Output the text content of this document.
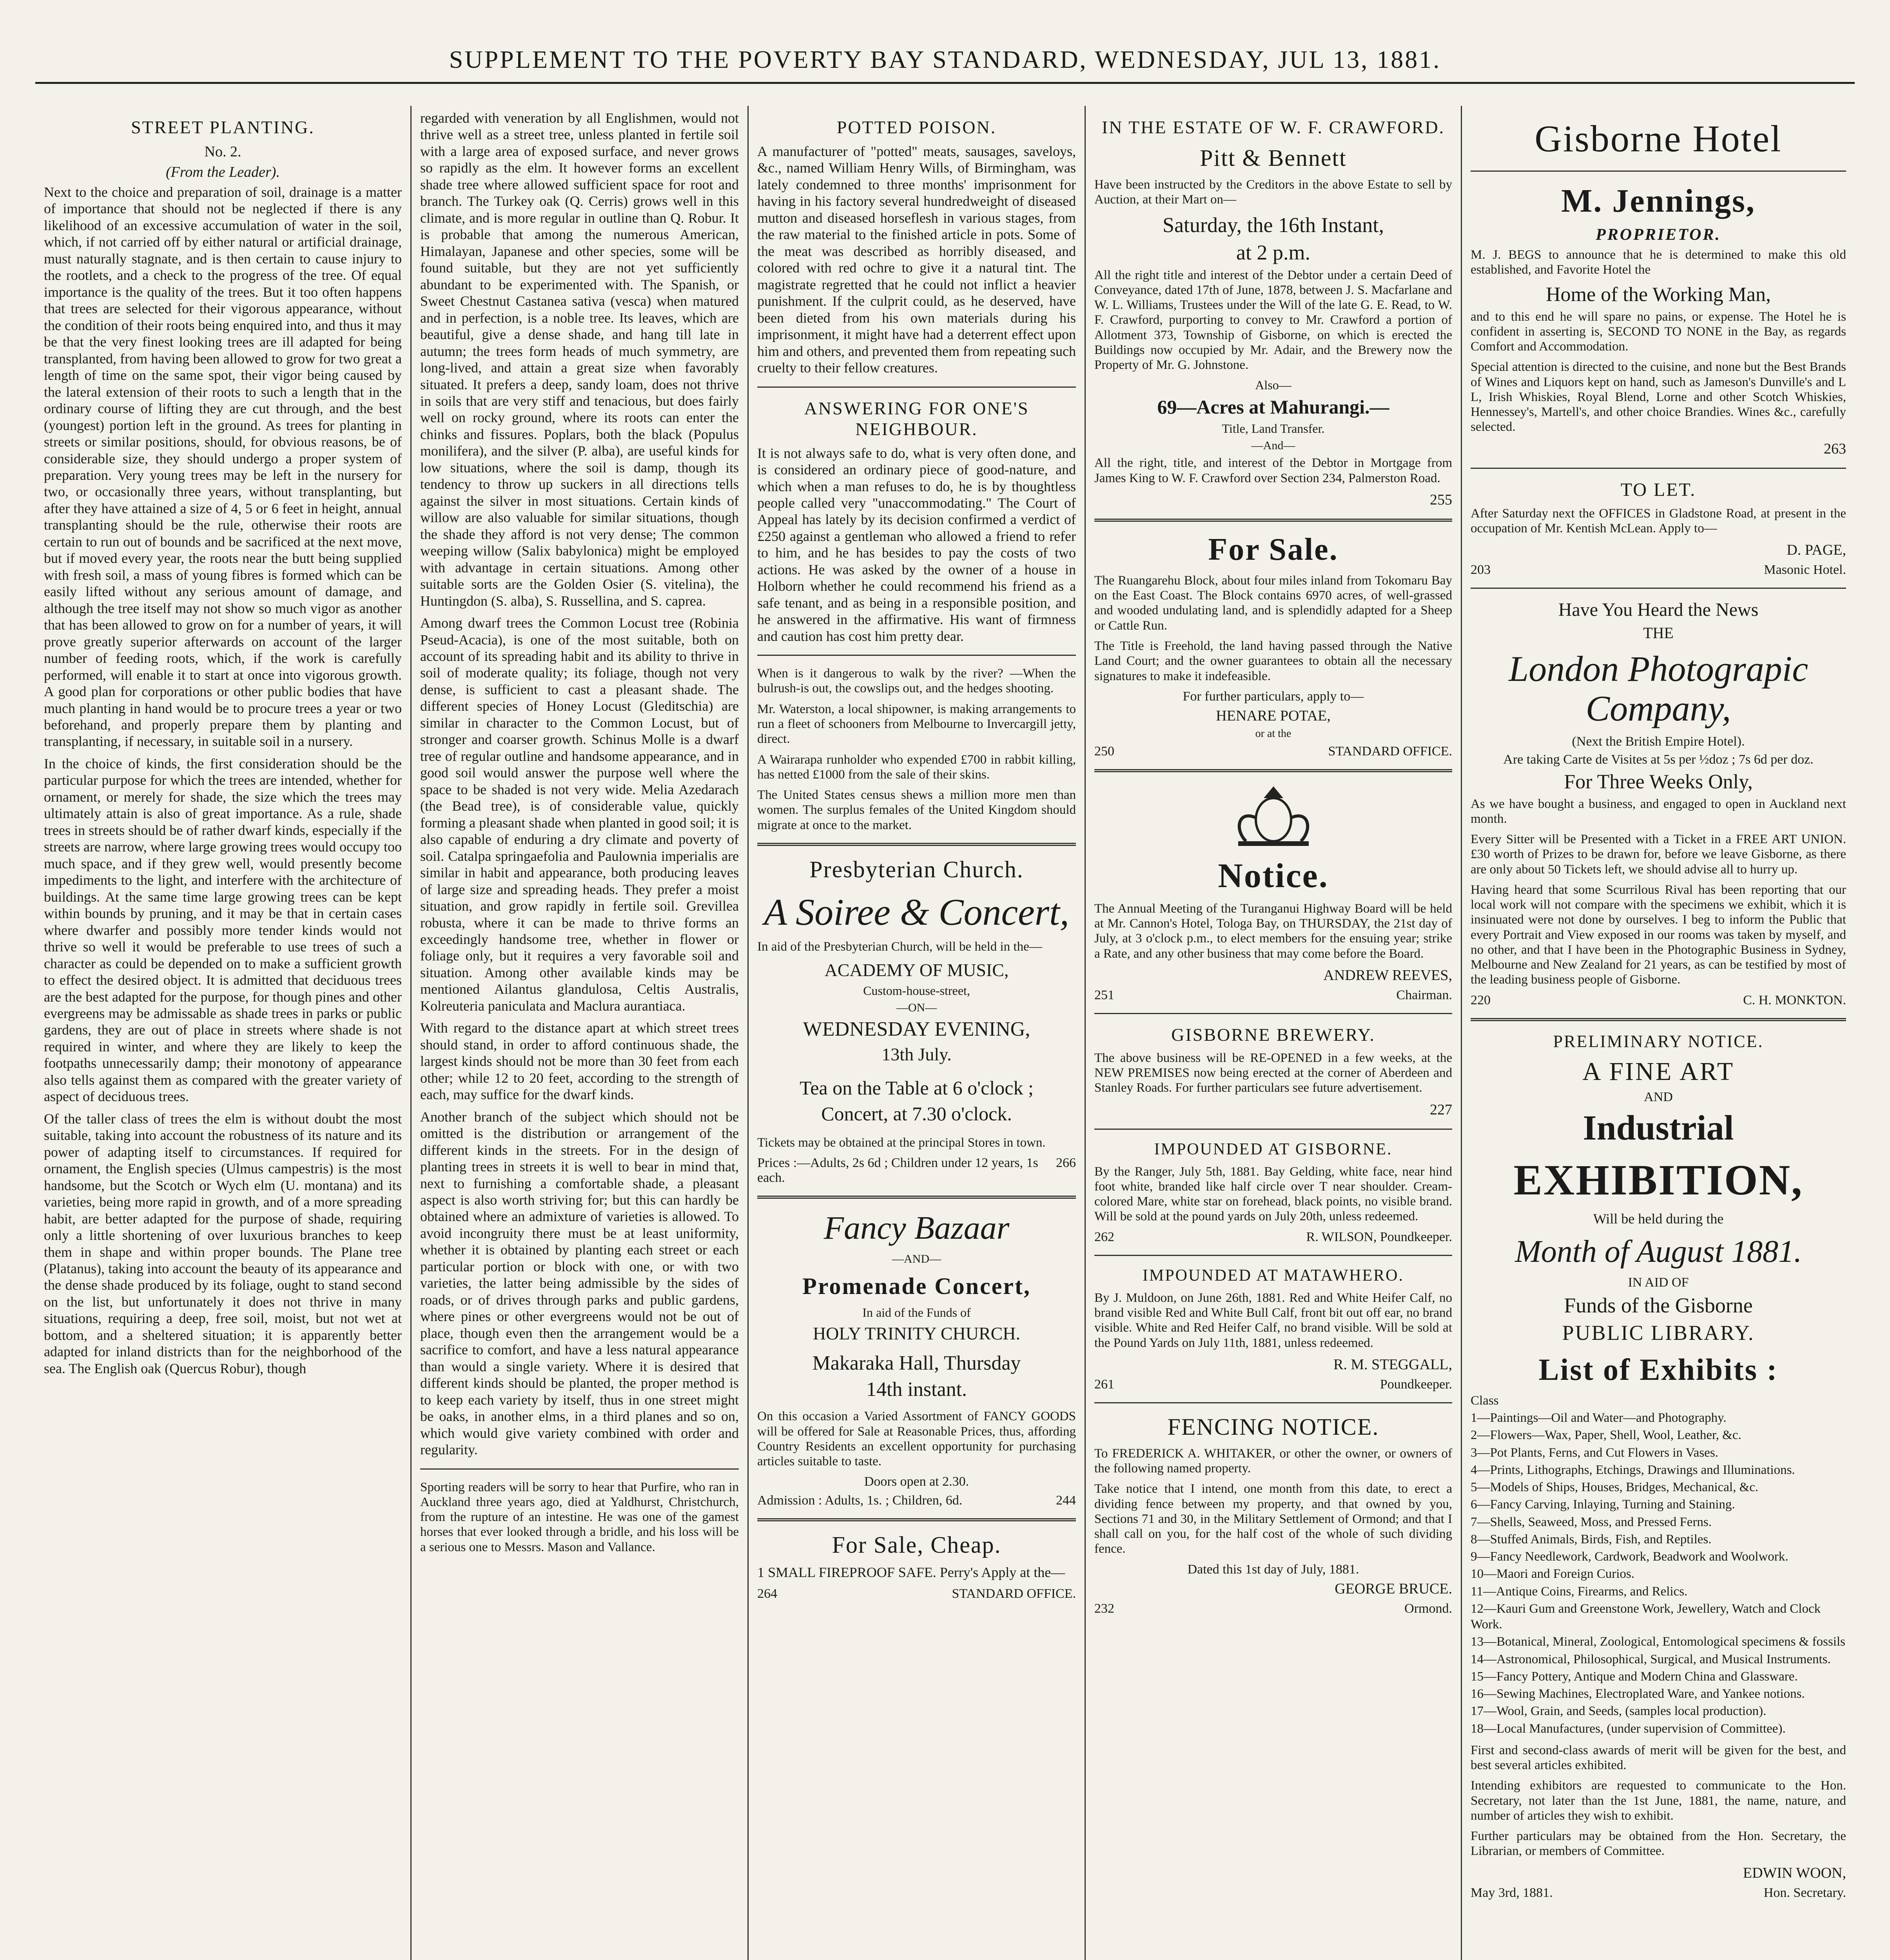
SUPPLEMENT TO THE POVERTY BAY STANDARD, WEDNESDAY, JUL 13, 1881.
STREET PLANTING.
No. 2.
(From the Leader).

Next to the choice and preparation of soil, drainage is a matter of importance that should not be neglected if there is any likelihood of an excessive accumulation of water in the soil, which, if not carried off by either natural or artificial drainage, must naturally stagnate, and is then certain to cause injury to the rootlets, and a check to the progress of the tree. Of equal importance is the quality of the trees. But it too often happens that trees are selected for their vigorous appearance, without the condition of their roots being enquired into, and thus it may be that the very finest looking trees are ill adapted for being transplanted, from having been allowed to grow for two great a length of time on the same spot, their vigor being caused by the lateral extension of their roots to such a length that in the ordinary course of lifting they are cut through, and the best (youngest) portion left in the ground. As trees for planting in streets or similar positions, should, for obvious reasons, be of considerable size, they should undergo a proper system of preparation. Very young trees may be left in the nursery for two, or occasionally three years, without transplanting, but after they have attained a size of 4, 5 or 6 feet in height, annual transplanting should be the rule, otherwise their roots are certain to run out of bounds and be sacrificed at the next move, but if moved every year, the roots near the butt being supplied with fresh soil, a mass of young fibres is formed which can be easily lifted without any serious amount of damage, and although the tree itself may not show so much vigor as another that has been allowed to grow on for a number of years, it will prove greatly superior afterwards on account of the larger number of feeding roots, which, if the work is carefully performed, will enable it to start at once into vigorous growth. A good plan for corporations or other public bodies that have much planting in hand would be to procure trees a year or two beforehand, and properly prepare them by planting and transplanting, if necessary, in suitable soil in a nursery.

In the choice of kinds, the first consideration should be the particular purpose for which the trees are intended, whether for ornament, or merely for shade, the size which the trees may ultimately attain is also of great importance. As a rule, shade trees in streets should be of rather dwarf kinds, especially if the streets are narrow, where large growing trees would occupy too much space, and if they grew well, would presently become impediments to the light, and interfere with the architecture of buildings. At the same time large growing trees can be kept within bounds by pruning, and it may be that in certain cases where dwarfer and possibly more tender kinds would not thrive so well it would be preferable to use trees of such a character as could be depended on to make a sufficient growth to effect the desired object. It is admitted that deciduous trees are the best adapted for the purpose, for though pines and other evergreens may be admissable as shade trees in parks or public gardens, they are out of place in streets where shade is not required in winter, and where they are likely to keep the footpaths unnecessarily damp; their monotony of appearance also tells against them as compared with the greater variety of aspect of deciduous trees.

Of the taller class of trees the elm is without doubt the most suitable, taking into account the robustness of its nature and its power of adapting itself to circumstances. If required for ornament, the English species (Ulmus campestris) is the most handsome, but the Scotch or Wych elm (U. montana) and its varieties, being more rapid in growth, and of a more spreading habit, are better adapted for the purpose of shade, requiring only a little shortening of over luxurious branches to keep them in shape and within proper bounds. The Plane tree (Platanus), taking into account the beauty of its appearance and the dense shade produced by its foliage, ought to stand second on the list, but unfortunately it does not thrive in many situations, requiring a deep, free soil, moist, but not wet at bottom, and a sheltered situation; it is apparently better adapted for inland districts than for the neighborhood of the sea. The English oak (Quercus Robur), though

regarded with veneration by all Englishmen, would not thrive well as a street tree, unless planted in fertile soil with a large area of exposed surface, and never grows so rapidly as the elm. It however forms an excellent shade tree where allowed sufficient space for root and branch. The Turkey oak (Q. Cerris) grows well in this climate, and is more regular in outline than Q. Robur. It is probable that among the numerous American, Himalayan, Japanese and other species, some will be found suitable, but they are not yet sufficiently abundant to be experimented with. The Spanish, or Sweet Chestnut Castanea sativa (vesca) when matured and in perfection, is a noble tree. Its leaves, which are beautiful, give a dense shade, and hang till late in autumn; the trees form heads of much symmetry, are long-lived, and attain a great size when favorably situated. It prefers a deep, sandy loam, does not thrive in soils that are very stiff and tenacious, but does fairly well on rocky ground, where its roots can enter the chinks and fissures. Poplars, both the black (Populus monilifera), and the silver (P. alba), are useful kinds for low situations, where the soil is damp, though its tendency to throw up suckers in all directions tells against the silver in most situations. Certain kinds of willow are also valuable for similar situations, though the shade they afford is not very dense; The common weeping willow (Salix babylonica) might be employed with advantage in certain situations. Among other suitable sorts are the Golden Osier (S. vitelina), the Huntingdon (S. alba), S. Russellina, and S. caprea.

Among dwarf trees the Common Locust tree (Robinia Pseud-Acacia), is one of the most suitable, both on account of its spreading habit and its ability to thrive in soil of moderate quality; its foliage, though not very dense, is sufficient to cast a pleasant shade. The different species of Honey Locust (Gleditschia) are similar in character to the Common Locust, but of stronger and coarser growth. Schinus Molle is a dwarf tree of regular outline and handsome appearance, and in good soil would answer the purpose well where the space to be shaded is not very wide. Melia Azedarach (the Bead tree), is of considerable value, quickly forming a pleasant shade when planted in good soil; it is also capable of enduring a dry climate and poverty of soil. Catalpa springaefolia and Paulownia imperialis are similar in habit and appearance, both producing leaves of large size and spreading heads. They prefer a moist situation, and grow rapidly in fertile soil. Grevillea robusta, where it can be made to thrive forms an exceedingly handsome tree, whether in flower or foliage only, but it requires a very favorable soil and situation. Among other available kinds may be mentioned Ailantus glandulosa, Celtis Australis, Kolreuteria paniculata and Maclura aurantiaca.

With regard to the distance apart at which street trees should stand, in order to afford continuous shade, the largest kinds should not be more than 30 feet from each other; while 12 to 20 feet, according to the strength of each, may suffice for the dwarf kinds.

Another branch of the subject which should not be omitted is the distribution or arrangement of the different kinds in the streets. For in the design of planting trees in streets it is well to bear in mind that, next to furnishing a comfortable shade, a pleasant aspect is also worth striving for; but this can hardly be obtained where an admixture of varieties is allowed. To avoid incongruity there must be at least uniformity, whether it is obtained by planting each street or each particular portion or block with one, or with two varieties, the latter being admissible by the sides of roads, or of drives through parks and public gardens, where pines or other evergreens would not be out of place, though even then the arrangement would be a sacrifice to comfort, and have a less natural appearance than would a single variety. Where it is desired that different kinds should be planted, the proper method is to keep each variety by itself, thus in one street might be oaks, in another elms, in a third planes and so on, which would give variety combined with order and regularity.

Sporting readers will be sorry to hear that Purfire, who ran in Auckland three years ago, died at Yaldhurst, Christchurch, from the rupture of an intestine. He was one of the gamest horses that ever looked through a bridle, and his loss will be a serious one to Messrs. Mason and Vallance.

POTTED POISON.

A manufacturer of "potted" meats, sausages, saveloys, &c., named William Henry Wills, of Birmingham, was lately condemned to three months' imprisonment for having in his factory several hundredweight of diseased mutton and diseased horseflesh in various stages, from the raw material to the finished article in pots. Some of the meat was described as horribly diseased, and colored with red ochre to give it a natural tint. The magistrate regretted that he could not inflict a heavier punishment. If the culprit could, as he deserved, have been dieted from his own materials during his imprisonment, it might have had a deterrent effect upon him and others, and prevented them from repeating such cruelty to their fellow creatures.

ANSWERING FOR ONE'S NEIGHBOUR.

It is not always safe to do, what is very often done, and is considered an ordinary piece of good-nature, and which when a man refuses to do, he is by thoughtless people called very "unaccommodating." The Court of Appeal has lately by its decision confirmed a verdict of £250 against a gentleman who allowed a friend to refer to him, and he has besides to pay the costs of two actions. He was asked by the owner of a house in Holborn whether he could recommend his friend as a safe tenant, and as being in a responsible position, and he answered in the affirmative. His want of firmness and caution has cost him pretty dear.

When is it dangerous to walk by the river? —When the bulrush-is out, the cowslips out, and the hedges shooting.

Mr. Waterston, a local shipowner, is making arrangements to run a fleet of schooners from Melbourne to Invercargill jetty, direct.

A Wairarapa runholder who expended £700 in rabbit killing, has netted £1000 from the sale of their skins.

The United States census shews a million more men than women. The surplus females of the United Kingdom should migrate at once to the market.

Presbyterian Church.
A Soiree & Concert,

In aid of the Presbyterian Church, will be held in the—

ACADEMY OF MUSIC,
Custom-house-street,
—ON—
WEDNESDAY EVENING,
13th July.
Tea on the Table at 6 o'clock ;
Concert, at 7.30 o'clock.

Tickets may be obtained at the principal Stores in town.

Prices :—Adults, 2s 6d ; Children under 12 years, 1s each.
266
Fancy Bazaar
—AND—
Promenade Concert,
In aid of the Funds of
HOLY TRINITY CHURCH.
Makaraka Hall, Thursday
14th instant.

On this occasion a Varied Assortment of FANCY GOODS will be offered for Sale at Reasonable Prices, thus, affording Country Residents an excellent opportunity for purchasing articles suitable to taste.

Doors open at 2.30.
Admission : Adults, 1s. ; Children, 6d.	244
For Sale, Cheap.

1 SMALL FIREPROOF SAFE. Perry's Apply at the—

264	STANDARD OFFICE.
IN THE ESTATE OF W. F. CRAWFORD.
Pitt & Bennett

Have been instructed by the Creditors in the above Estate to sell by Auction, at their Mart on—

Saturday, the 16th Instant,
at 2 p.m.

All the right title and interest of the Debtor under a certain Deed of Conveyance, dated 17th of June, 1878, between J. S. Macfarlane and W. L. Williams, Trustees under the Will of the late G. E. Read, to W. F. Crawford, purporting to convey to Mr. Crawford a portion of Allotment 373, Township of Gisborne, on which is erected the Buildings now occupied by Mr. Adair, and the Brewery now the Property of Mr. G. Johnstone.

Also—
69—Acres at Mahurangi.—
Title, Land Transfer.
—And—

All the right, title, and interest of the Debtor in Mortgage from James King to W. F. Crawford over Section 234, Palmerston Road.

255
For Sale.

The Ruangarehu Block, about four miles inland from Tokomaru Bay on the East Coast. The Block contains 6970 acres, of well-grassed and wooded undulating land, and is splendidly adapted for a Sheep or Cattle Run.

The Title is Freehold, the land having passed through the Native Land Court; and the owner guarantees to obtain all the necessary signatures to make it indefeasible.

For further particulars, apply to—
HENARE POTAE,
or at the
250	STANDARD OFFICE.
Notice.

The Annual Meeting of the Turanganui Highway Board will be held at Mr. Cannon's Hotel, Tologa Bay, on THURSDAY, the 21st day of July, at 3 o'clock p.m., to elect members for the ensuing year; strike a Rate, and any other business that may come before the Board.

ANDREW REEVES,
251	Chairman.
GISBORNE BREWERY.

The above business will be RE-OPENED in a few weeks, at the NEW PREMISES now being erected at the corner of Aberdeen and Stanley Roads. For further particulars see future advertisement.

227
IMPOUNDED AT GISBORNE.

By the Ranger, July 5th, 1881. Bay Gelding, white face, near hind foot white, branded like half circle over T near shoulder. Cream-colored Mare, white star on forehead, black points, no visible brand. Will be sold at the pound yards on July 20th, unless redeemed.

262	R. WILSON, Poundkeeper.
IMPOUNDED AT MATAWHERO.

By J. Muldoon, on June 26th, 1881. Red and White Heifer Calf, no brand visible Red and White Bull Calf, front bit out off ear, no brand visible. White and Red Heifer Calf, no brand visible. Will be sold at the Pound Yards on July 11th, 1881, unless redeemed.

R. M. STEGGALL,
261	Poundkeeper.
FENCING NOTICE.

To FREDERICK A. WHITAKER, or other the owner, or owners of the following named property.

Take notice that I intend, one month from this date, to erect a dividing fence between my property, and that owned by you, Sections 71 and 30, in the Military Settlement of Ormond; and that I shall call on you, for the half cost of the whole of such dividing fence.

Dated this 1st day of July, 1881.
GEORGE BRUCE.
232	Ormond.
Gisborne Hotel
M. Jennings,
PROPRIETOR.

M. J. BEGS to announce that he is determined to make this old established, and Favorite Hotel the

Home of the Working Man,

and to this end he will spare no pains, or expense. The Hotel he is confident in asserting is, SECOND TO NONE in the Bay, as regards Comfort and Accommodation.

Special attention is directed to the cuisine, and none but the Best Brands of Wines and Liquors kept on hand, such as Jameson's Dunville's and L L, Irish Whiskies, Royal Blend, Lorne and other Scotch Whiskies, Hennessey's, Martell's, and other choice Brandies. Wines &c., carefully selected.

263
TO LET.

After Saturday next the OFFICES in Gladstone Road, at present in the occupation of Mr. Kentish McLean. Apply to—

D. PAGE,
203	Masonic Hotel.
Have You Heard the News
THE
London Photograpic Company,
(Next the British Empire Hotel).
Are taking Carte de Visites at 5s per ½doz ; 7s 6d per doz.
For Three Weeks Only,

As we have bought a business, and engaged to open in Auckland next month.

Every Sitter will be Presented with a Ticket in a FREE ART UNION. £30 worth of Prizes to be drawn for, before we leave Gisborne, as there are only about 50 Tickets left, we should advise all to hurry up.

Having heard that some Scurrilous Rival has been reporting that our local work will not compare with the specimens we exhibit, which it is insinuated were not done by ourselves. I beg to inform the Public that every Portrait and View exposed in our rooms was taken by myself, and no other, and that I have been in the Photographic Business in Sydney, Melbourne and New Zealand for 21 years, as can be testified by most of the leading business people of Gisborne.

220	C. H. MONKTON.
PRELIMINARY NOTICE.
A FINE ART
AND
Industrial
EXHIBITION,
Will be held during the
Month of August 1881.
IN AID OF
Funds of the Gisborne
PUBLIC LIBRARY.
List of Exhibits :
Class
1—Paintings—Oil and Water—and Photography.
2—Flowers—Wax, Paper, Shell, Wool, Leather, &c.
3—Pot Plants, Ferns, and Cut Flowers in Vases.
4—Prints, Lithographs, Etchings, Drawings and Illuminations.
5—Models of Ships, Houses, Bridges, Mechanical, &c.
6—Fancy Carving, Inlaying, Turning and Staining.
7—Shells, Seaweed, Moss, and Pressed Ferns.
8—Stuffed Animals, Birds, Fish, and Reptiles.
9—Fancy Needlework, Cardwork, Beadwork and Woolwork.
10—Maori and Foreign Curios.
11—Antique Coins, Firearms, and Relics.
12—Kauri Gum and Greenstone Work, Jewellery, Watch and Clock Work.
13—Botanical, Mineral, Zoological, Entomological specimens & fossils
14—Astronomical, Philosophical, Surgical, and Musical Instruments.
15—Fancy Pottery, Antique and Modern China and Glassware.
16—Sewing Machines, Electroplated Ware, and Yankee notions.
17—Wool, Grain, and Seeds, (samples local production).
18—Local Manufactures, (under supervision of Committee).

First and second-class awards of merit will be given for the best, and best several articles exhibited.

Intending exhibitors are requested to communicate to the Hon. Secretary, not later than the 1st June, 1881, the name, nature, and number of articles they wish to exhibit.

Further particulars may be obtained from the Hon. Secretary, the Librarian, or members of Committee.

EDWIN WOON,
May 3rd, 1881.	Hon. Secretary.
